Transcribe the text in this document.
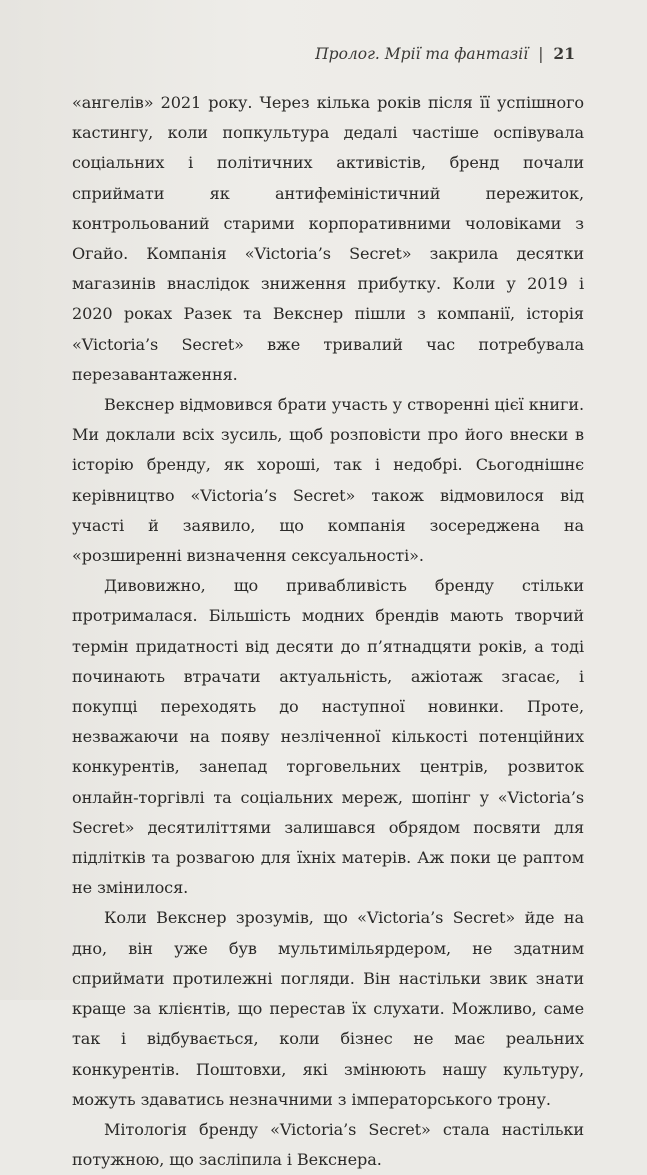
Пролог. Мрії та фантазії | 21

«ангелів» 2021 року. Через кілька років після її успішного кастингу, коли попкультура дедалі частіше оспівувала соціальних і політичних активістів, бренд почали сприймати як антифеміністичний пережиток, контрольований старими корпоративними чоловіками з Огайо. Компанія «Victoria’s Secret» закрила десятки магазинів внаслідок зниження прибутку. Коли у 2019 і 2020 роках Разек та Векснер пішли з компанії, історія «Victoria’s Secret» вже тривалий час потребувала перезавантаження.

Векснер відмовився брати участь у створенні цієї книги. Ми доклали всіх зусиль, щоб розповісти про його внески в історію бренду, як хороші, так і недобрі. Сьогоднішнє керівництво «Victoria’s Secret» також відмовилося від участі й заявило, що компанія зосереджена на «розширенні визначення сексуальності».

Дивовижно, що привабливість бренду стільки протрималася. Більшість модних брендів мають творчий термін придатності від десяти до п’ятнадцяти років, а тоді починають втрачати актуальність, ажіотаж згасає, і покупці переходять до наступної новинки. Проте, незважаючи на появу незліченної кількості потенційних конкурентів, занепад торговельних центрів, розвиток онлайн-торгівлі та соціальних мереж, шопінг у «Victoria’s Secret» десятиліттями залишався обрядом посвяти для підлітків та розвагою для їхніх матерів. Аж поки це раптом не змінилося.

Коли Векснер зрозумів, що «Victoria’s Secret» йде на дно, він уже був мультимільярдером, не здатним сприймати протилежні погляди. Він настільки звик знати краще за клієнтів, що перестав їх слухати. Можливо, саме так і відбувається, коли бізнес не має реальних конкурентів. Поштовхи, які змінюють нашу культуру, можуть здаватись незначними з імператорського трону.

Мітологія бренду «Victoria’s Secret» стала настільки потужною, що засліпила і Векснера.
